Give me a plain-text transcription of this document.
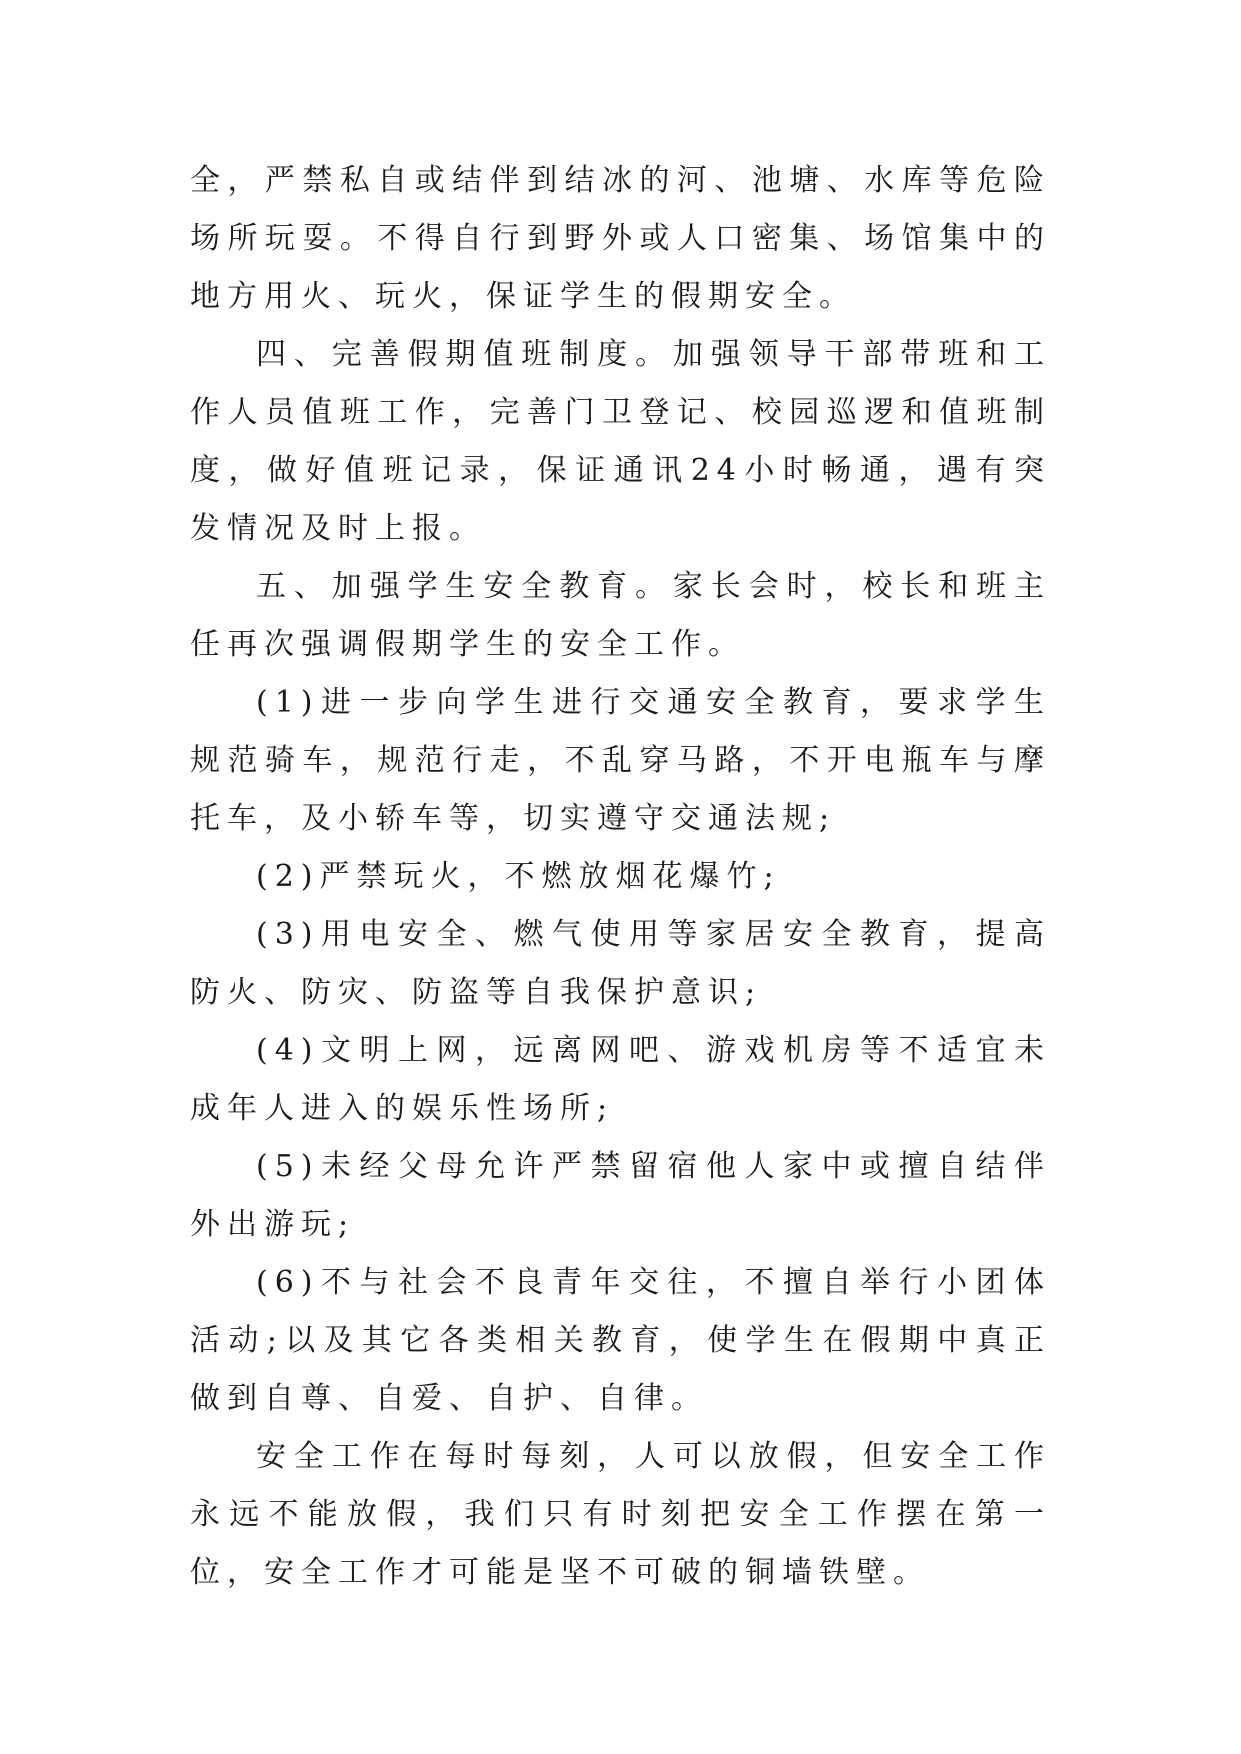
全，严禁私自或结伴到结冰的河、池塘、水库等危险场所玩耍。不得自行到野外或人口密集、场馆集中的地方用火、玩火，保证学生的假期安全。

四、完善假期值班制度。加强领导干部带班和工作人员值班工作，完善门卫登记、校园巡逻和值班制度，做好值班记录，保证通讯24小时畅通，遇有突发情况及时上报。

五、加强学生安全教育。家长会时，校长和班主任再次强调假期学生的安全工作。

(1)进一步向学生进行交通安全教育，要求学生规范骑车，规范行走，不乱穿马路，不开电瓶车与摩托车，及小轿车等，切实遵守交通法规;

(2)严禁玩火，不燃放烟花爆竹;

(3)用电安全、燃气使用等家居安全教育，提高防火、防灾、防盗等自我保护意识;

(4)文明上网，远离网吧、游戏机房等不适宜未成年人进入的娱乐性场所;

(5)未经父母允许严禁留宿他人家中或擅自结伴外出游玩;

(6)不与社会不良青年交往，不擅自举行小团体活动;以及其它各类相关教育，使学生在假期中真正做到自尊、自爱、自护、自律。

安全工作在每时每刻，人可以放假，但安全工作永远不能放假，我们只有时刻把安全工作摆在第一位，安全工作才可能是坚不可破的铜墙铁壁。
